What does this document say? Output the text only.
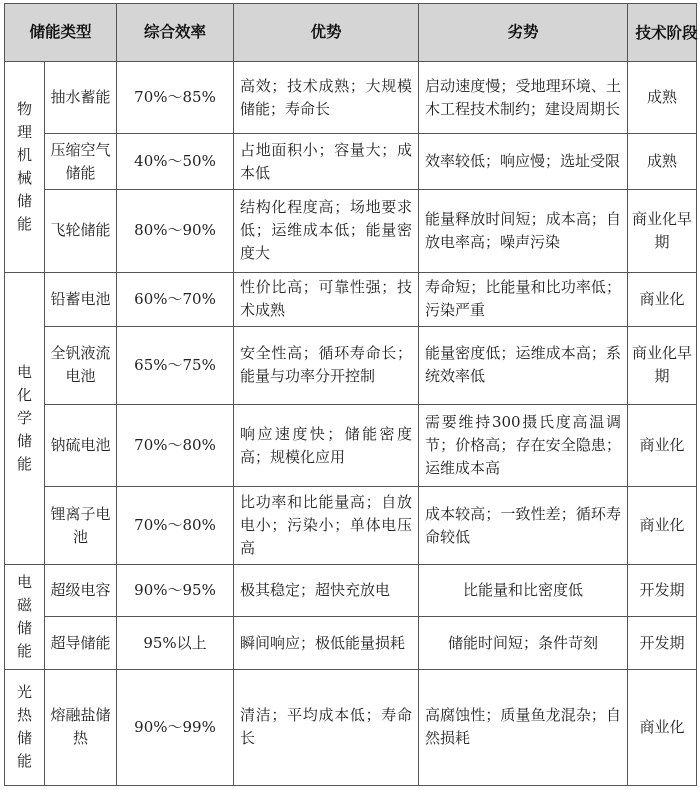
储能类型		综合效率	优势	劣势	技术阶段
物理机械储能	抽水蓄能	70%～85%	高效；技术成熟；大规模储能；寿命长	启动速度慢；受地理环境、土木工程技术制约；建设周期长	成熟
	压缩空气储能	40%～50%	占地面积小；容量大；成本低	效率较低；响应慢；选址受限	成熟
	飞轮储能	80%～90%	结构化程度高；场地要求低；运维成本低；能量密度大	能量释放时间短；成本高；自放电率高；噪声污染	商业化早期
电化学储能	铅蓄电池	60%～70%	性价比高；可靠性强；技术成熟	寿命短；比能量和比功率低；污染严重	商业化
	全钒液流电池	65%～75%	安全性高；循环寿命长；能量与功率分开控制	能量密度低；运维成本高；系统效率低	商业化早期
	钠硫电池	70%～80%	响应速度快；储能密度高；规模化应用	需要维持300摄氏度高温调节；价格高；存在安全隐患；运维成本高	商业化
	锂离子电池	70%～80%	比功率和比能量高；自放电小；污染小；单体电压高	成本较高；一致性差；循环寿命较低	商业化
电磁储能	超级电容	90%～95%	极其稳定；超快充放电	比能量和比密度低	开发期
	超导储能	95%以上	瞬间响应；极低能量损耗	储能时间短；条件苛刻	开发期
光热储能	熔融盐储热	90%～99%	清洁；平均成本低；寿命长	高腐蚀性；质量鱼龙混杂；自然损耗	商业化
